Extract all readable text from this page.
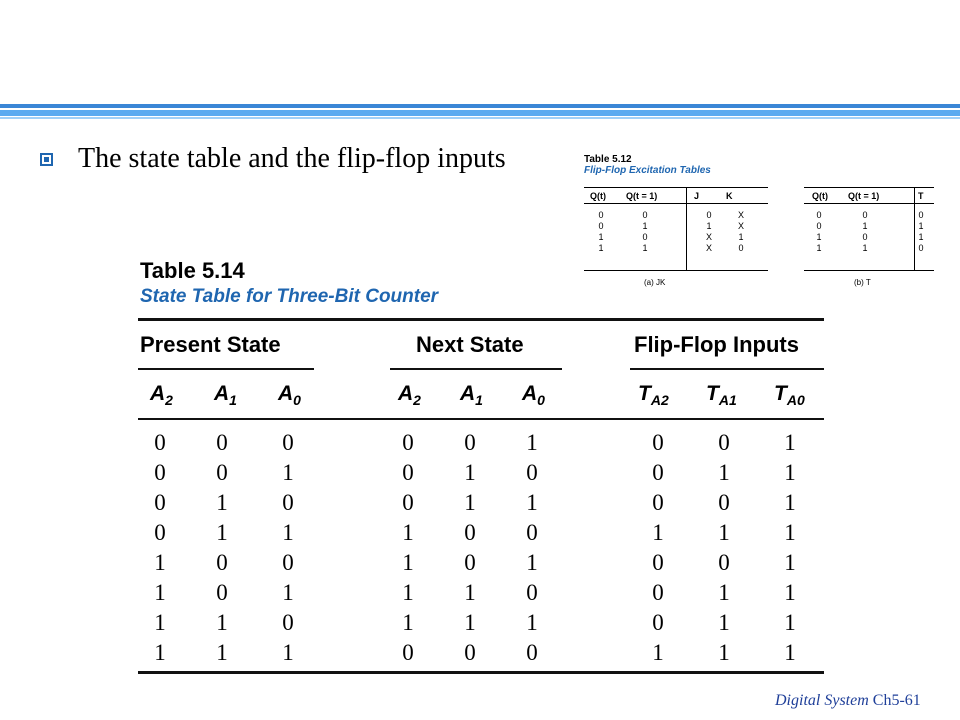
The state table and the flip-flop inputs	Table 5.12
Flip-Flop Excitation Tables
Q(t) Q(t = 1)	J	K
0	0	0	X
0	1	1	X
1	0	X	1
1	1	X	0
(a) JK
Q(t) Q(t = 1)	T
0	0	0
0	1	1
1	0	1
1	1	0
(b) T
Table 5.14
State Table for Three-Bit Counter
Present State	Next State	Flip-Flop Inputs
$A_2$ $A_1$ $A_0$	$A_2$ $A_1$ $A_0$	$T_{A2}$ $T_{A1}$ $T_{A0}$
0 0 0	0 0 1	0 0 1
0 0 1	0 1 0	0 1 1
0 1 0	0 1 1	0 0 1
0 1 1	1 0 0	1 1 1
1 0 0	1 0 1	0 0 1
1 0 1	1 1 0	0 1 1
1 1 0	1 1 1	0 1 1
1 1 1	0 0 0	1 1 1
Digital System Ch5-61
